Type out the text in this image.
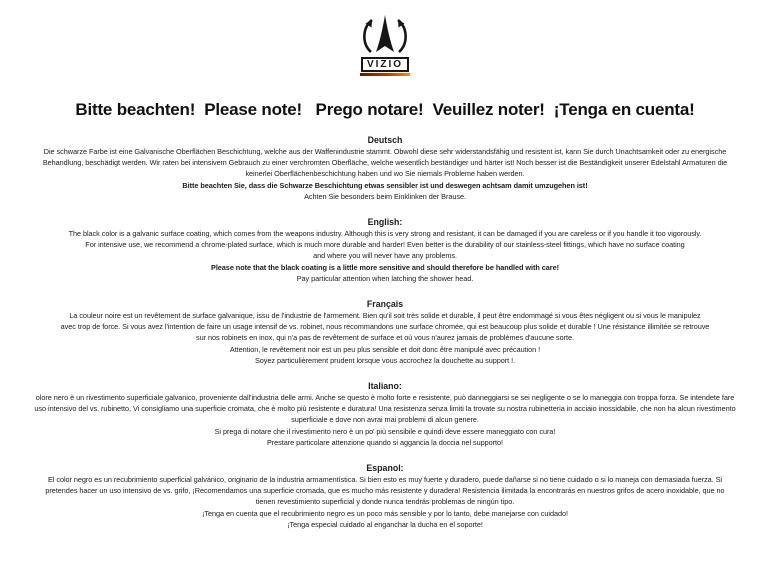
VIZIO
Bitte beachten!  Please note!   Prego notare!  Veuillez noter!  ¡Tenga en cuenta!
Deutsch
Die schwarze Farbe ist eine Galvanische Oberflächen Beschichtung, welche aus der Waffenindustrie stammt. Obwohl diese sehr widerstandsfähig und resistent ist, kann Sie durch Unachtsamkeit oder zu energische
Behandlung, beschädigt werden. Wir raten bei intensivem Gebrauch zu einer verchromten Oberfläche, welche wesentlich beständiger und härter ist! Noch besser ist die Beständigkeit unserer Edelstahl Armaturen die
keinerlei Oberflächenbeschichtung haben und wo Sie niemals Probleme haben werden.
Bitte beachten Sie, dass die Schwarze Beschichtung etwas sensibler ist und deswegen achtsam damit umzugehen ist!
Achten Sie besonders beim Einklinken der Brause.
English:
The black color is a galvanic surface coating, which comes from the weapons industry. Although this is very strong and resistant, it can be damaged if you are careless or if you handle it too vigorously.
For intensive use, we recommend a chrome-plated surface, which is much more durable and harder! Even better is the durability of our stainless-steel fittings, which have no surface coating
and where you will never have any problems.
Please note that the black coating is a little more sensitive and should therefore be handled with care!
Pay particular attention when latching the shower head.
Français
La couleur noire est un revêtement de surface galvanique, issu de l'industrie de l'armement. Bien qu'il soit très solide et durable, il peut être endommagé si vous êtes négligent ou si vous le manipulez
avec trop de force. Si vous avez l'intention de faire un usage intensif de vs. robinet, nous recommandons une surface chromée, qui est beaucoup plus solide et durable ! Une résistance illimitée se retrouve
sur nos robinets en inox, qui n'a pas de revêtement de surface et où vous n'aurez jamais de problèmes d'aucune sorte.
Attention, le revêtement noir est un peu plus sensible et doit donc être manipulé avec précaution !
Soyez particulièrement prudent lorsque vous accrochez la douchette au support !.
Italiano:
olore nero è un rivestimento superficiale galvanico, proveniente dall'industria delle armi. Anche se questo è molto forte e resistente, può danneggiarsi se sei negligente o se lo maneggia con troppa forza. Se intendete fare
uso intensivo del vs. rubinetto, Vi consigliamo una superficie cromata, che è molto più resistente e duratura! Una resistenza senza limiti la trovate su nostra rubinetteria in acciaio inossidabile, che non ha alcun rivestimento
superficiale e dove non avrai mai problemi di alcun genere.
Si prega di notare che il rivestimento nero è un po' più sensibile e quindi deve essere maneggiato con cura!
Prestare particolare attenzione quando si aggancia la doccia nel supporto!
Espanol:
El color negro es un recubrimiento superficial galvánico, originario de la industria armamentística. Si bien esto es muy fuerte y duradero, puede dañarse si no tiene cuidado o si lo maneja con demasiada fuerza. Si
pretendes hacer un uso intensivo de vs. grifo, ¡Recomendamos una superficie cromada, que es mucho más resistente y duradera! Resistencia ilimitada la encontrarás en nuestros grifos de acero inoxidable, que no
tienen revestimiento superficial y donde nunca tendrás problemas de ningún tipo.
¡Tenga en cuenta que el recubrimiento negro es un poco más sensible y por lo tanto, debe manejarse con cuidado!
¡Tenga especial cuidado al enganchar la ducha en el soporte!
